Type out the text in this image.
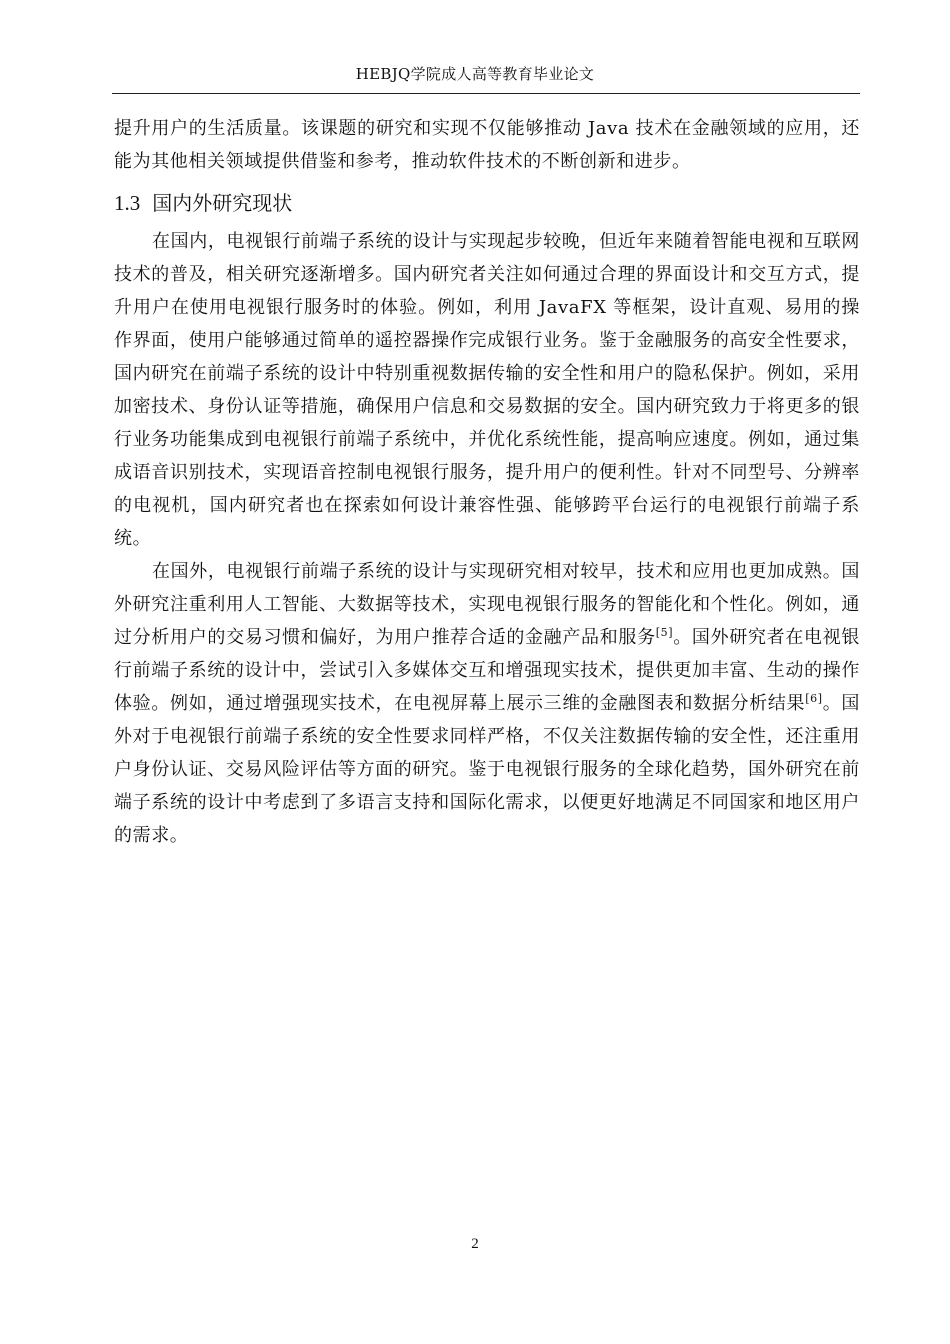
HEBJQ学院成人高等教育毕业论文

提升用户的生活质量。该课题的研究和实现不仅能够推动 Java 技术在金融领域的应用，还能为其他相关领域提供借鉴和参考，推动软件技术的不断创新和进步。

1.3 国内外研究现状

在国内，电视银行前端子系统的设计与实现起步较晚，但近年来随着智能电视和互联网技术的普及，相关研究逐渐增多。国内研究者关注如何通过合理的界面设计和交互方式，提升用户在使用电视银行服务时的体验。例如，利用 JavaFX 等框架，设计直观、易用的操作界面，使用户能够通过简单的遥控器操作完成银行业务。鉴于金融服务的高安全性要求，国内研究在前端子系统的设计中特别重视数据传输的安全性和用户的隐私保护。例如，采用加密技术、身份认证等措施，确保用户信息和交易数据的安全。国内研究致力于将更多的银行业务功能集成到电视银行前端子系统中，并优化系统性能，提高响应速度。例如，通过集成语音识别技术，实现语音控制电视银行服务，提升用户的便利性。针对不同型号、分辨率的电视机，国内研究者也在探索如何设计兼容性强、能够跨平台运行的电视银行前端子系统。

在国外，电视银行前端子系统的设计与实现研究相对较早，技术和应用也更加成熟。国外研究注重利用人工智能、大数据等技术，实现电视银行服务的智能化和个性化。例如，通过分析用户的交易习惯和偏好，为用户推荐合适的金融产品和服务[5]。国外研究者在电视银行前端子系统的设计中，尝试引入多媒体交互和增强现实技术，提供更加丰富、生动的操作体验。例如，通过增强现实技术，在电视屏幕上展示三维的金融图表和数据分析结果[6]。国外对于电视银行前端子系统的安全性要求同样严格，不仅关注数据传输的安全性，还注重用户身份认证、交易风险评估等方面的研究。鉴于电视银行服务的全球化趋势，国外研究在前端子系统的设计中考虑到了多语言支持和国际化需求，以便更好地满足不同国家和地区用户的需求。

2
